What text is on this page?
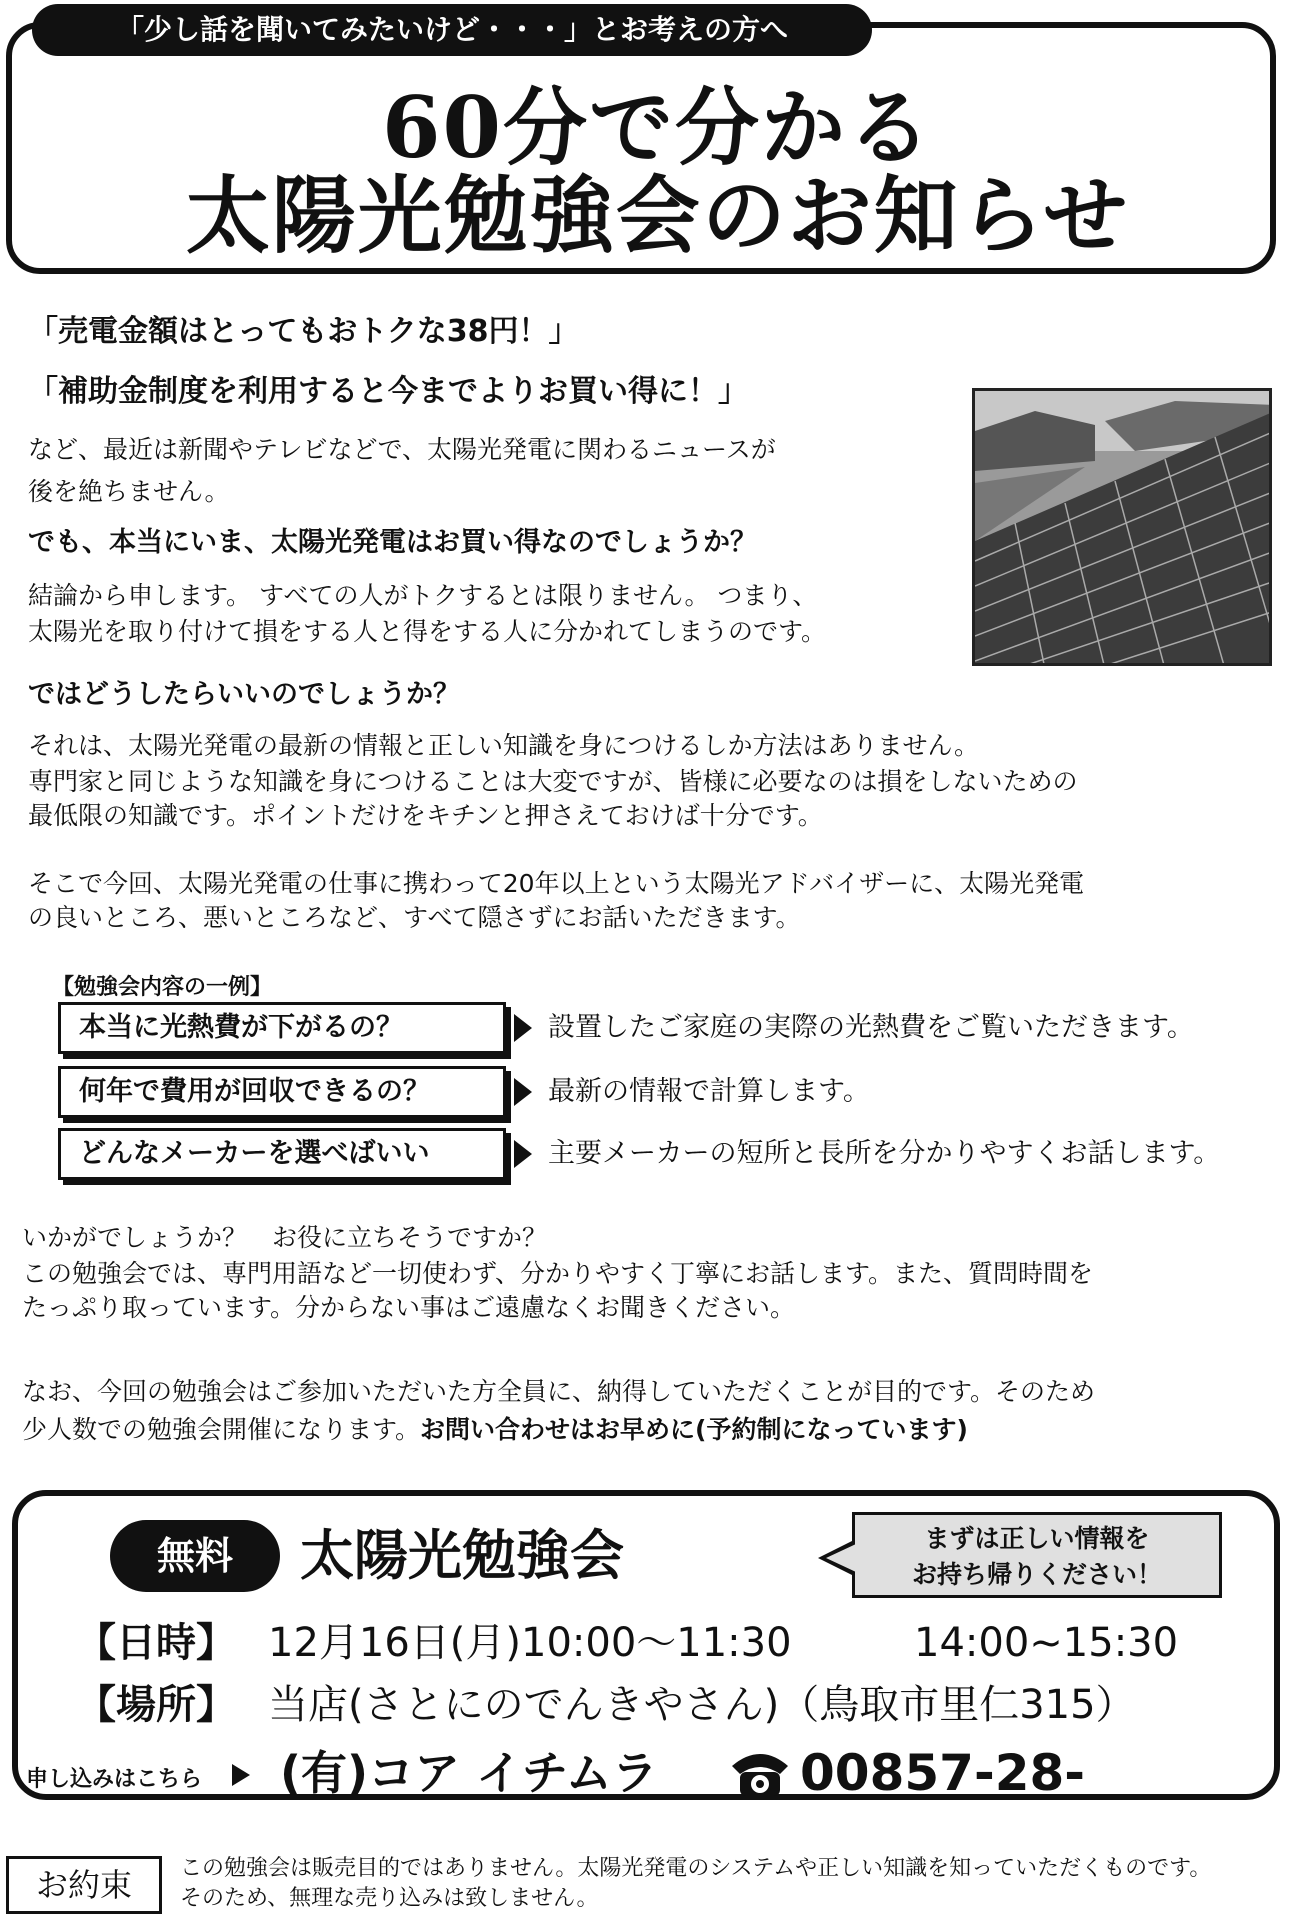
「少し話を聞いてみたいけど・・・」とお考えの方へ
60分で分かる
太陽光勉強会のお知らせ
「売電金額はとってもおトクな38円！」
「補助金制度を利用すると今までよりお買い得に！」
など、最近は新聞やテレビなどで、太陽光発電に関わるニュースが
後を絶ちません。
でも、本当にいま、太陽光発電はお買い得なのでしょうか？
結論から申します。 すべての人がトクするとは限りません。 つまり、
太陽光を取り付けて損をする人と得をする人に分かれてしまうのです。
ではどうしたらいいのでしょうか？
それは、太陽光発電の最新の情報と正しい知識を身につけるしか方法はありません。
専門家と同じような知識を身につけることは大変ですが、皆様に必要なのは損をしないための
最低限の知識です。ポイントだけをキチンと押さえておけば十分です。
そこで今回、太陽光発電の仕事に携わって20年以上という太陽光アドバイザーに、太陽光発電
の良いところ、悪いところなど、すべて隠さずにお話いただきます。
【勉強会内容の一例】
本当に光熱費が下がるの？	設置したご家庭の実際の光熱費をご覧いただきます。
何年で費用が回収できるの？	最新の情報で計算します。
どんなメーカーを選べばいい	主要メーカーの短所と長所を分かりやすくお話します。
いかがでしょうか？　お役に立ちそうですか？
この勉強会では、専門用語など一切使わず、分かりやすく丁寧にお話します。また、質問時間を
たっぷり取っています。分からない事はご遠慮なくお聞きください。
なお、今回の勉強会はご参加いただいた方全員に、納得していただくことが目的です。そのため
少人数での勉強会開催になります。お問い合わせはお早めに(予約制になっています)
無料	太陽光勉強会	まずは正しい情報を
お持ち帰りください！
【日時】 12月16日(月)10:00～11:30	14:00~15:30
【場所】 当店(さとにのでんきやさん)（鳥取市里仁315）
申し込みはこちら (有)コア イチムラ	00857-28-
お約束	この勉強会は販売目的ではありません。太陽光発電のシステムや正しい知識を知っていただくものです。
そのため、無理な売り込みは致しません。
